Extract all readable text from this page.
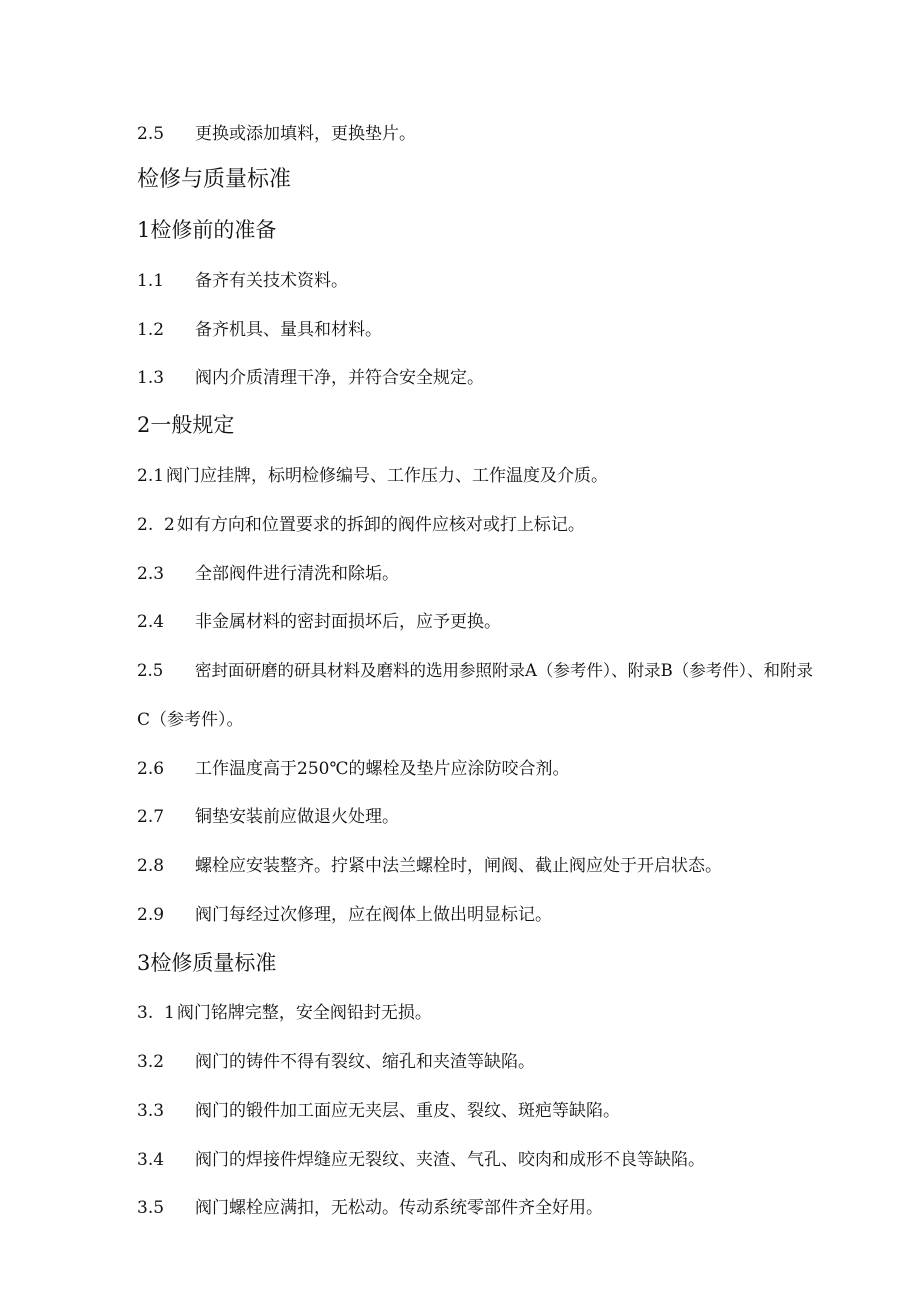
2.5 更换或添加填料，更换垫片。
检修与质量标准
1检修前的准备
1.1 备齐有关技术资料。
1.2 备齐机具、量具和材料。
1.3 阀内介质清理干净，并符合安全规定。
2一般规定
2.1 阀门应挂牌，标明检修编号、工作压力、工作温度及介质。
2.  2 如有方向和位置要求的拆卸的阀件应核对或打上标记。
2.3 全部阀件进行清洗和除垢。
2.4 非金属材料的密封面损坏后，应予更换。
2.5 密封面研磨的研具材料及磨料的选用参照附录A（参考件）、附录B（参考件）、和附录
C（参考件）。
2.6 工作温度高于250℃的螺栓及垫片应涂防咬合剂。
2.7 铜垫安装前应做退火处理。
2.8 螺栓应安装整齐。拧紧中法兰螺栓时，闸阀、截止阀应处于开启状态。
2.9 阀门每经过次修理，应在阀体上做出明显标记。
3检修质量标准
3.  1 阀门铭牌完整，安全阀铅封无损。
3.2 阀门的铸件不得有裂纹、缩孔和夹渣等缺陷。
3.3 阀门的锻件加工面应无夹层、重皮、裂纹、斑疤等缺陷。
3.4 阀门的焊接件焊缝应无裂纹、夹渣、气孔、咬肉和成形不良等缺陷。
3.5 阀门螺栓应满扣，无松动。传动系统零部件齐全好用。
